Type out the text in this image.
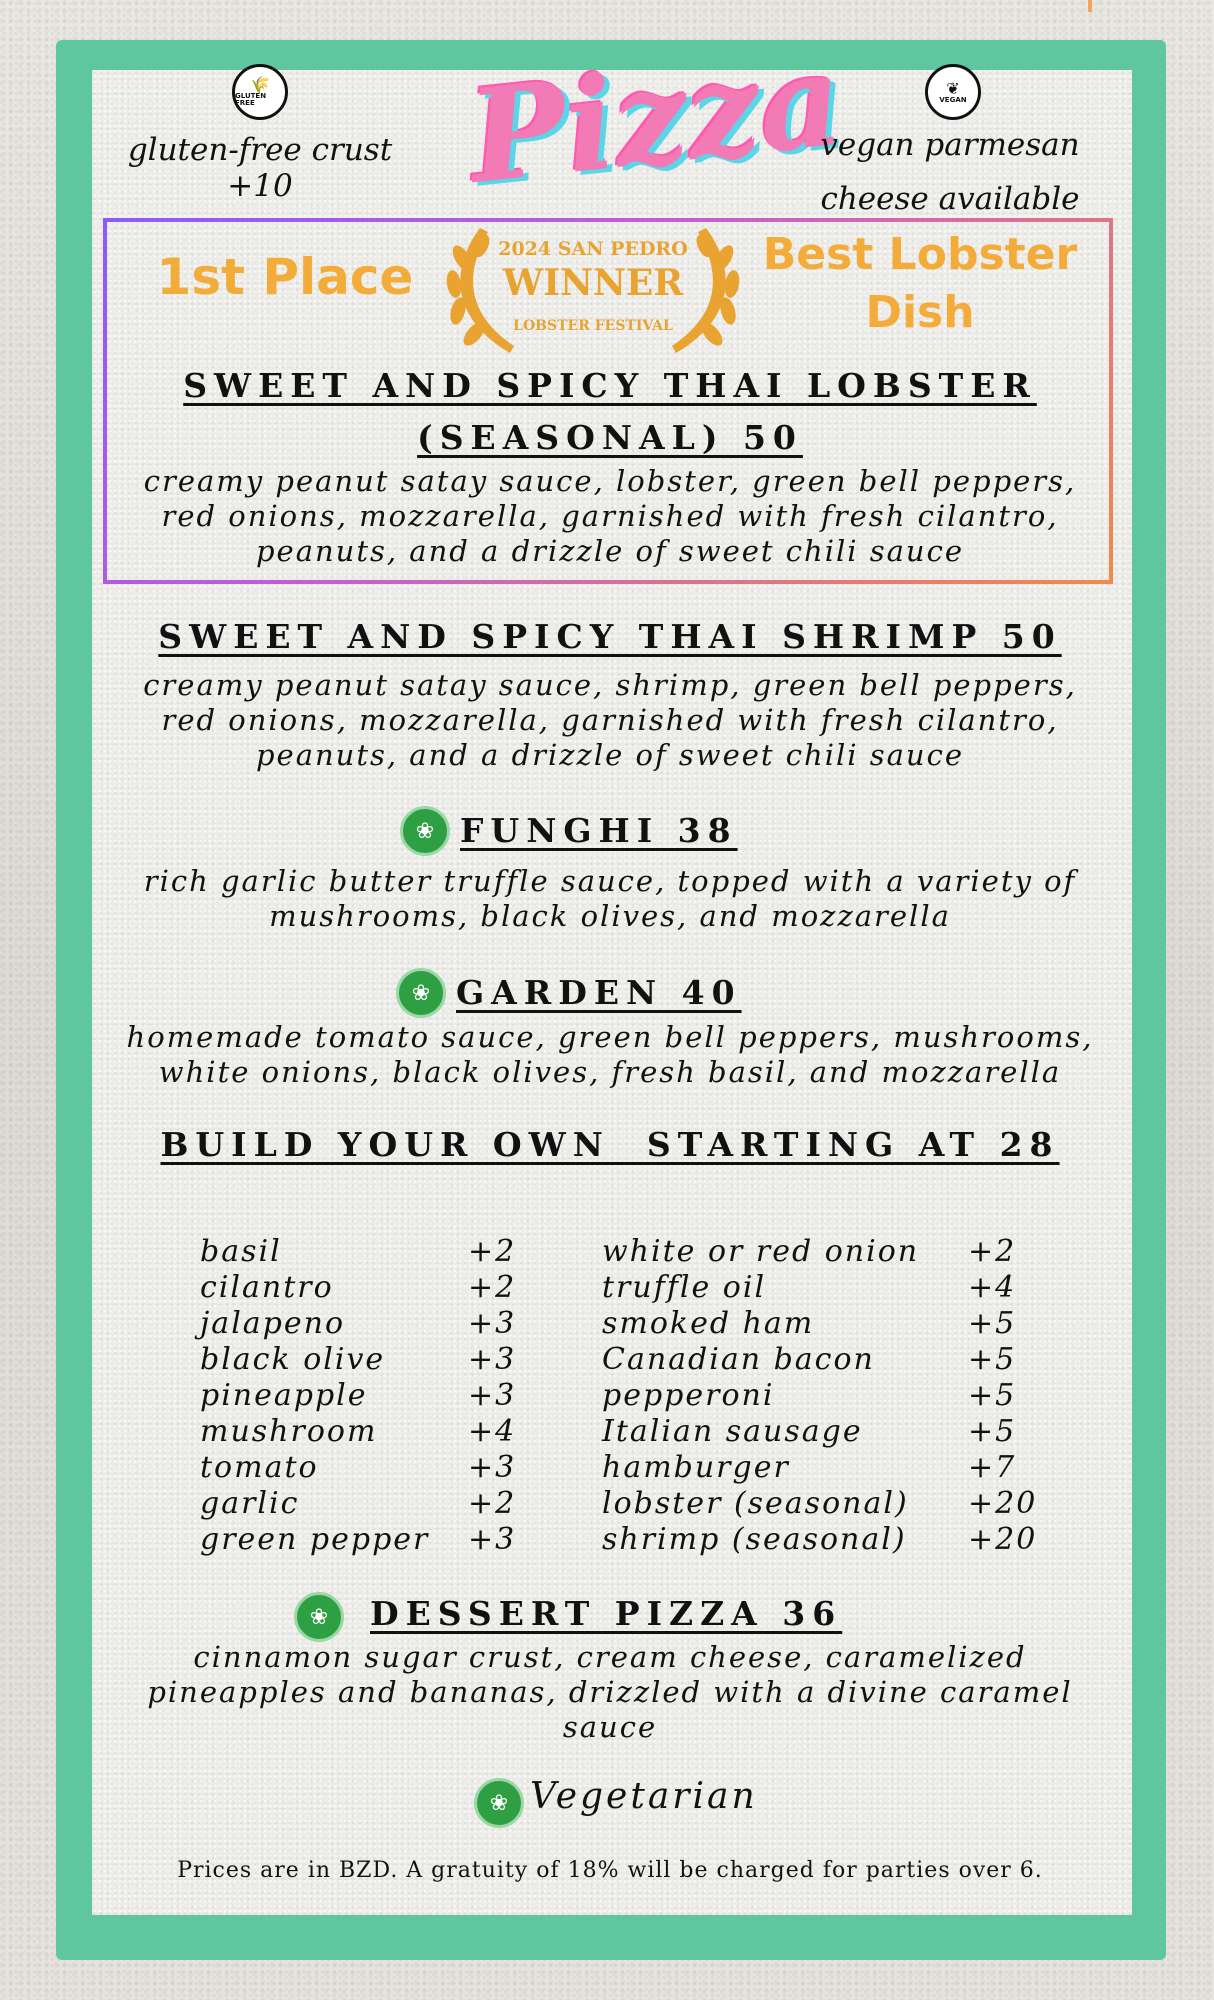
🌾
GLUTEN FREE
gluten-free crust +10	Pizza	❦
VEGAN
vegan parmesan cheese available
1st Place	2024 SAN PEDRO
WINNER
LOBSTER FESTIVAL
Best Lobster Dish
SWEET AND SPICY THAI LOBSTER (SEASONAL) 50
creamy peanut satay sauce, lobster, green bell peppers, red onions, mozzarella, garnished with fresh cilantro, peanuts, and a drizzle of sweet chili sauce
SWEET AND SPICY THAI SHRIMP 50
creamy peanut satay sauce, shrimp, green bell peppers, red onions, mozzarella, garnished with fresh cilantro, peanuts, and a drizzle of sweet chili sauce
❀ FUNGHI 38
rich garlic butter truffle sauce, topped with a variety of mushrooms, black olives, and mozzarella
❀ GARDEN 40
homemade tomato sauce, green bell peppers, mushrooms, white onions, black olives, fresh basil, and mozzarella
BUILD YOUR OWN  STARTING AT 28
basil	+2
cilantro	+2
jalapeno	+3
black olive	+3
pineapple	+3
mushroom	+4
tomato	+3
garlic	+2
green pepper +3
white or red onion +2
truffle oil	+4
smoked ham	+5
Canadian bacon	+5
pepperoni	+5
Italian sausage	+5
hamburger	+7
lobster (seasonal) +20
shrimp (seasonal) +20
❀	DESSERT PIZZA 36
cinnamon sugar crust, cream cheese, caramelized pineapples and bananas, drizzled with a divine caramel sauce
❀ Vegetarian
Prices are in BZD. A gratuity of 18% will be charged for parties over 6.
